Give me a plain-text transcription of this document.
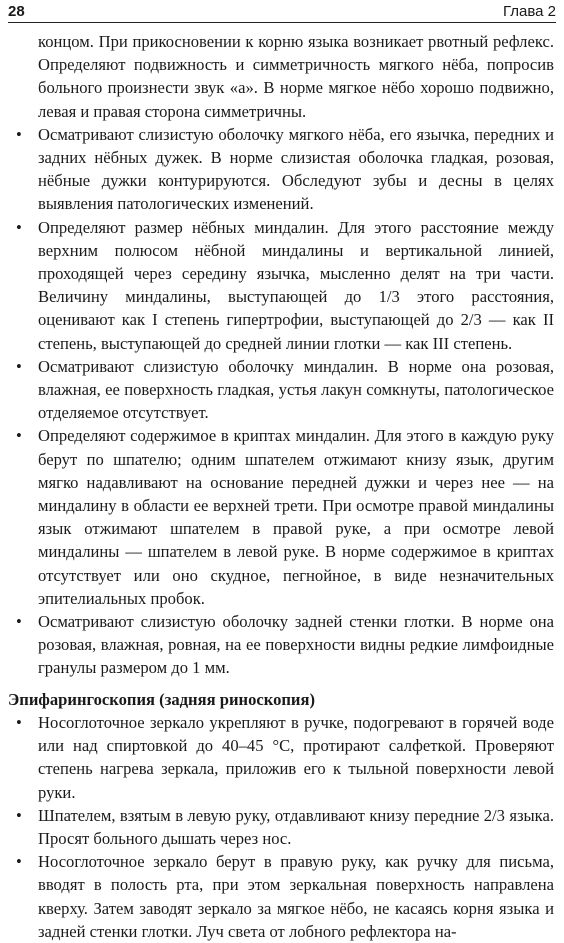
28	Глава 2

концом. При прикосновении к корню языка возникает рвотный рефлекс. Определяют подвижность и симметричность мягкого нёба, попросив больного произнести звук «а». В норме мягкое нёбо хорошо подвижно, левая и правая сторона симметричны.

• Осматривают слизистую оболочку мягкого нёба, его язычка, передних и задних нёбных дужек. В норме слизистая оболочка гладкая, розовая, нёбные дужки контурируются. Обследуют зубы и десны в целях выявления патологических изменений.

• Определяют размер нёбных миндалин. Для этого расстояние между верхним полюсом нёбной миндалины и вертикальной линией, проходящей через середину язычка, мысленно делят на три части. Величину миндалины, выступающей до 1/3 этого расстояния, оценивают как I степень гипертрофии, выступающей до 2/3 — как II степень, выступающей до средней линии глотки — как III степень.

• Осматривают слизистую оболочку миндалин. В норме она розовая, влажная, ее поверхность гладкая, устья лакун сомкнуты, патологическое отделяемое отсутствует.

• Определяют содержимое в криптах миндалин. Для этого в каждую руку берут по шпателю; одним шпателем отжимают книзу язык, другим мягко надавливают на основание передней дужки и через нее — на миндалину в области ее верхней трети. При осмотре правой миндалины язык отжимают шпателем в правой руке, а при осмотре левой миндалины — шпателем в левой руке. В норме содержимое в криптах отсутствует или оно скудное, пегнойное, в виде незначительных эпителиальных пробок.

• Осматривают слизистую оболочку задней стенки глотки. В норме она розовая, влажная, ровная, на ее поверхности видны редкие лимфоидные гранулы размером до 1 мм.

Эпифарингоскопия (задняя риноскопия)
• Носоглоточное зеркало укрепляют в ручке, подогревают в горячей воде или над спиртовкой до 40–45 °С, протирают салфеткой. Проверяют степень нагрева зеркала, приложив его к тыльной поверхности левой руки.

• Шпателем, взятым в левую руку, отдавливают книзу передние 2/3 языка. Просят больного дышать через нос.

• Носоглоточное зеркало берут в правую руку, как ручку для письма, вводят в полость рта, при этом зеркальная поверхность направлена кверху. Затем заводят зеркало за мягкое нёбо, не касаясь корня языка и задней стенки глотки. Луч света от лобного рефлектора на-
